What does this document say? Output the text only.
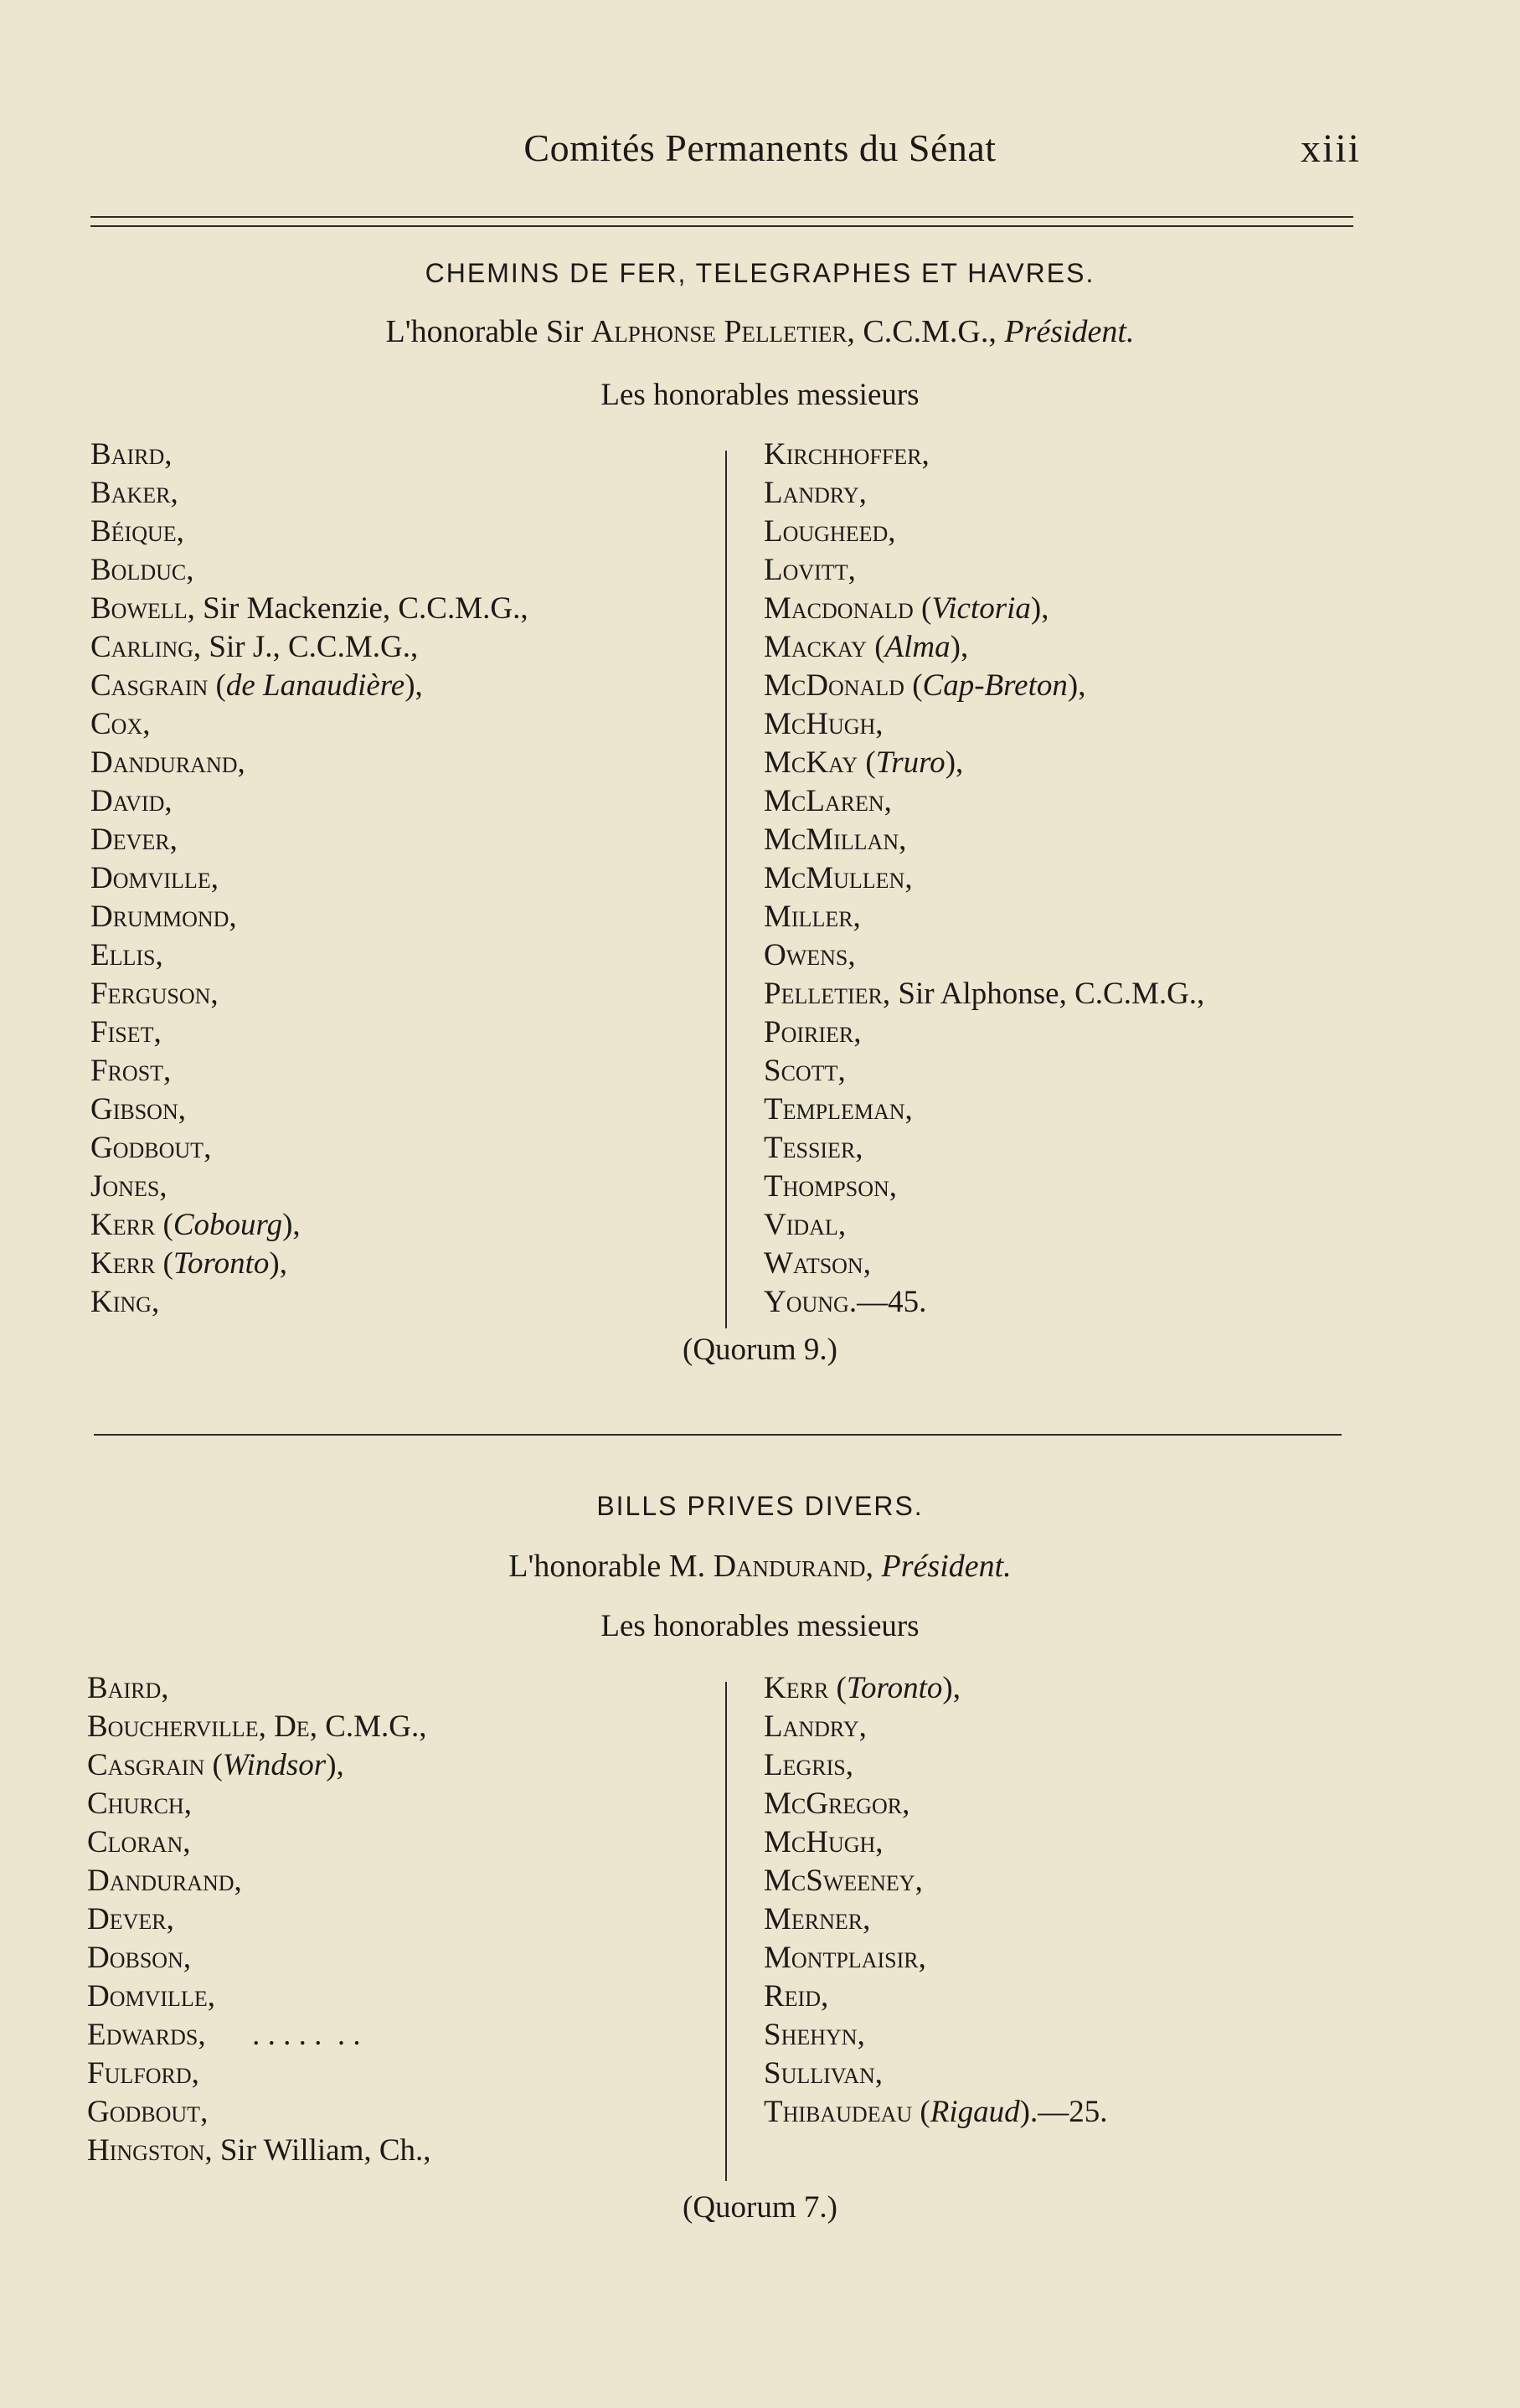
Comités Permanents du Sénat	xiii
CHEMINS DE FER, TELEGRAPHES ET HAVRES.
L'honorable Sir Alphonse Pelletier, C.C.M.G., Président.
Les honorables messieurs
Baird,
Baker,
Béique,
Bolduc,
Bowell, Sir Mackenzie, C.C.M.G.,
Carling, Sir J., C.C.M.G.,
Casgrain (de Lanaudière),
Cox,
Dandurand,
David,
Dever,
Domville,
Drummond,
Ellis,
Ferguson,
Fiset,
Frost,
Gibson,
Godbout,
Jones,
Kerr (Cobourg),
Kerr (Toronto),
King,
Kirchhoffer,
Landry,
Lougheed,
Lovitt,
Macdonald (Victoria),
Mackay (Alma),
McDonald (Cap-Breton),
McHugh,
McKay (Truro),
McLaren,
McMillan,
McMullen,
Miller,
Owens,
Pelletier, Sir Alphonse, C.C.M.G.,
Poirier,
Scott,
Templeman,
Tessier,
Thompson,
Vidal,
Watson,
Young.—45.
(Quorum 9.)
BILLS PRIVES DIVERS.
L'honorable M. Dandurand, Président.
Les honorables messieurs
Baird,
Boucherville, De, C.M.G.,
Casgrain (Windsor),
Church,
Cloran,
Dandurand,
Dever,
Dobson,
Domville,
Edwards,      . . . . .  . .
Fulford,
Godbout,
Hingston, Sir William, Ch.,
Kerr (Toronto),
Landry,
Legris,
McGregor,
McHugh,
McSweeney,
Merner,
Montplaisir,
Reid,
Shehyn,
Sullivan,
Thibaudeau (Rigaud).—25.
(Quorum 7.)
